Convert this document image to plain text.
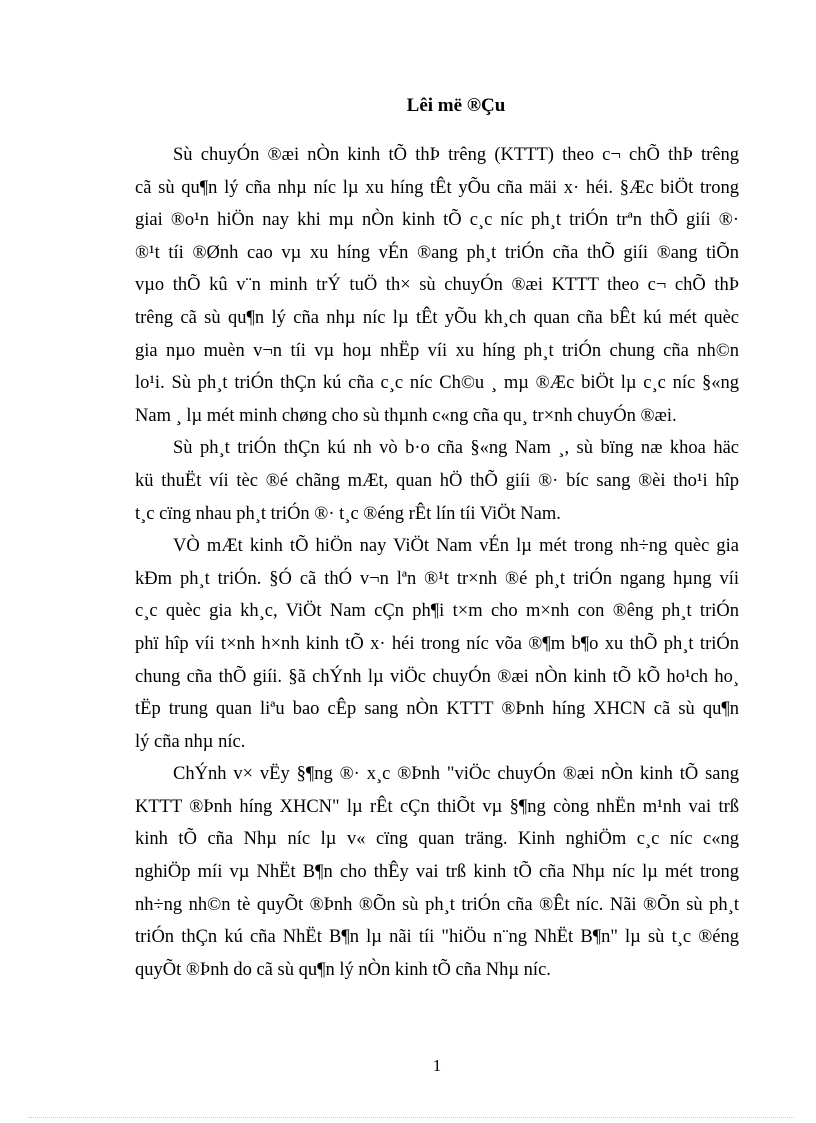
Lêi më ®Çu
Sù chuyÓn ®æi nÒn kinh tÕ thÞ trêng (KTTT) theo c¬ chÕ thÞ trêng
cã sù qu¶n lý cña nhµ níc lµ xu híng tÊt yÕu cña mäi x· héi. §Æc biÖt trong
giai ®o¹n hiÖn nay khi mµ nÒn kinh tÕ c¸c níc ph¸t triÓn trªn thÕ giíi ®·
®¹t tíi ®Ønh cao vµ xu híng vÉn ®ang ph¸t triÓn cña thÕ giíi ®ang tiÕn
vµo thÕ kû v¨n minh trÝ tuÖ th× sù chuyÓn ®æi KTTT theo c¬ chÕ thÞ
trêng cã sù qu¶n lý cña nhµ níc lµ tÊt yÕu kh¸ch quan cña bÊt kú mét quèc
gia nµo muèn v¬n tíi vµ hoµ nhËp víi xu híng ph¸t triÓn chung cña nh©n
lo¹i. Sù ph¸t triÓn thÇn kú cña c¸c níc Ch©u ¸ mµ ®Æc biÖt lµ c¸c níc §«ng
Nam ¸ lµ mét minh chøng cho sù thµnh c«ng cña qu¸ tr×nh chuyÓn ®æi.
Sù ph¸t triÓn thÇn kú nh vò b·o cña §«ng Nam ¸, sù bïng næ khoa häc
kü thuËt víi tèc ®é chãng mÆt, quan hÖ thÕ giíi ®· bíc sang ®èi tho¹i hîp
t¸c cïng nhau ph¸t triÓn ®· t¸c ®éng rÊt lín tíi ViÖt Nam.
VÒ mÆt kinh tÕ hiÖn nay ViÖt Nam vÉn lµ mét trong nh÷ng quèc gia
kÐm ph¸t triÓn. §Ó cã thÓ v¬n lªn ®¹t tr×nh ®é ph¸t triÓn ngang hµng víi
c¸c quèc gia kh¸c, ViÖt Nam cÇn ph¶i t×m cho m×nh con ®êng ph¸t triÓn
phï hîp víi t×nh h×nh kinh tÕ x· héi trong níc võa ®¶m b¶o xu thÕ ph¸t triÓn
chung cña thÕ giíi. §ã chÝnh lµ viÖc chuyÓn ®æi nÒn kinh tÕ kÕ ho¹ch ho¸
tËp trung quan liªu bao cÊp sang nÒn KTTT ®Þnh híng XHCN cã sù qu¶n
lý cña nhµ níc.
ChÝnh v× vËy §¶ng ®· x¸c ®Þnh "viÖc chuyÓn ®æi nÒn kinh tÕ sang
KTTT ®Þnh híng XHCN" lµ rÊt cÇn thiÕt vµ §¶ng còng nhËn m¹nh vai trß
kinh tÕ cña Nhµ níc lµ v« cïng quan träng. Kinh nghiÖm c¸c níc c«ng
nghiÖp míi vµ NhËt B¶n cho thÊy vai trß kinh tÕ cña Nhµ níc lµ mét trong
nh÷ng nh©n tè quyÕt ®Þnh ®Õn sù ph¸t triÓn cña ®Êt níc. Nãi ®Õn sù ph¸t
triÓn thÇn kú cña NhËt B¶n lµ nãi tíi "hiÖu n¨ng NhËt B¶n" lµ sù t¸c ®éng
quyÕt ®Þnh do cã sù qu¶n lý nÒn kinh tÕ cña Nhµ níc.
1
